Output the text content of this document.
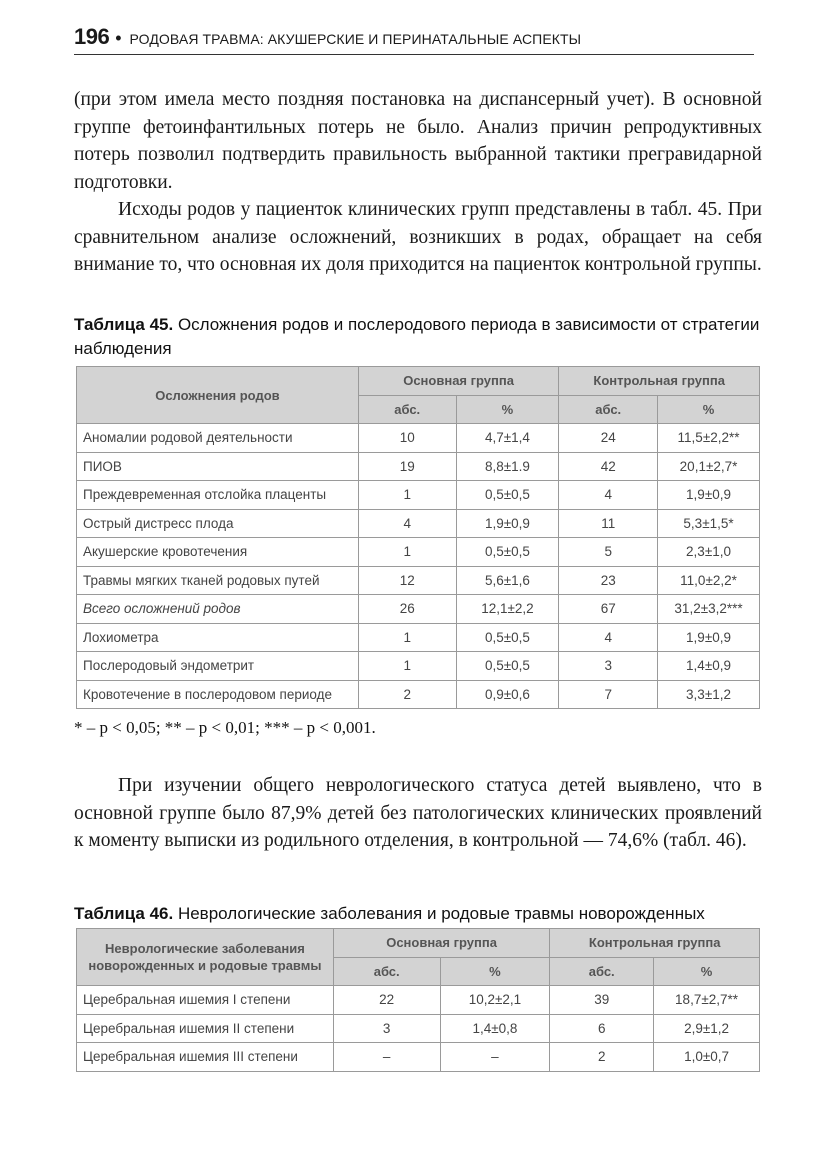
196 • РОДОВАЯ ТРАВМА: АКУШЕРСКИЕ И ПЕРИНАТАЛЬНЫЕ АСПЕКТЫ

(при этом имела место поздняя постановка на диспансерный учет). В основной группе фетоинфантильных потерь не было. Анализ причин репродуктивных потерь позволил подтвердить правильность выбранной тактики прегравидарной подготовки.

Исходы родов у пациенток клинических групп представлены в табл. 45. При сравнительном анализе осложнений, возникших в родах, обращает на себя внимание то, что основная их доля приходится на пациенток контрольной группы.

Таблица 45. Осложнения родов и послеродового периода в зависимости от стратегии наблюдения
Осложнения родов	Основная группа		Контрольная группа	
	абс.	%	абс.	%
Аномалии родовой деятельности	10	4,7±1,4	24	11,5±2,2**
ПИОВ	19	8,8±1.9	42	20,1±2,7*
Преждевременная отслойка плаценты	1	0,5±0,5	4	1,9±0,9
Острый дистресс плода	4	1,9±0,9	11	5,3±1,5*
Акушерские кровотечения	1	0,5±0,5	5	2,3±1,0
Травмы мягких тканей родовых путей	12	5,6±1,6	23	11,0±2,2*
Всего осложнений родов	26	12,1±2,2	67	31,2±3,2***
Лохиометра	1	0,5±0,5	4	1,9±0,9
Послеродовый эндометрит	1	0,5±0,5	3	1,4±0,9
Кровотечение в послеродовом периоде	2	0,9±0,6	7	3,3±1,2
* – p < 0,05; ** – p < 0,01; *** – p < 0,001.

При изучении общего неврологического статуса детей выявлено, что в основной группе было 87,9% детей без патологических клинических проявлений к моменту выписки из родильного отделения, в контрольной — 74,6% (табл. 46).

Таблица 46. Неврологические заболевания и родовые травмы новорожденных
Неврологические заболевания новорожденных и родовые травмы	Основная группа		Контрольная группа	
	абс.	%	абс.	%
Церебральная ишемия I степени	22	10,2±2,1	39	18,7±2,7**
Церебральная ишемия II степени	3	1,4±0,8	6	2,9±1,2
Церебральная ишемия III степени	–	–	2	1,0±0,7
